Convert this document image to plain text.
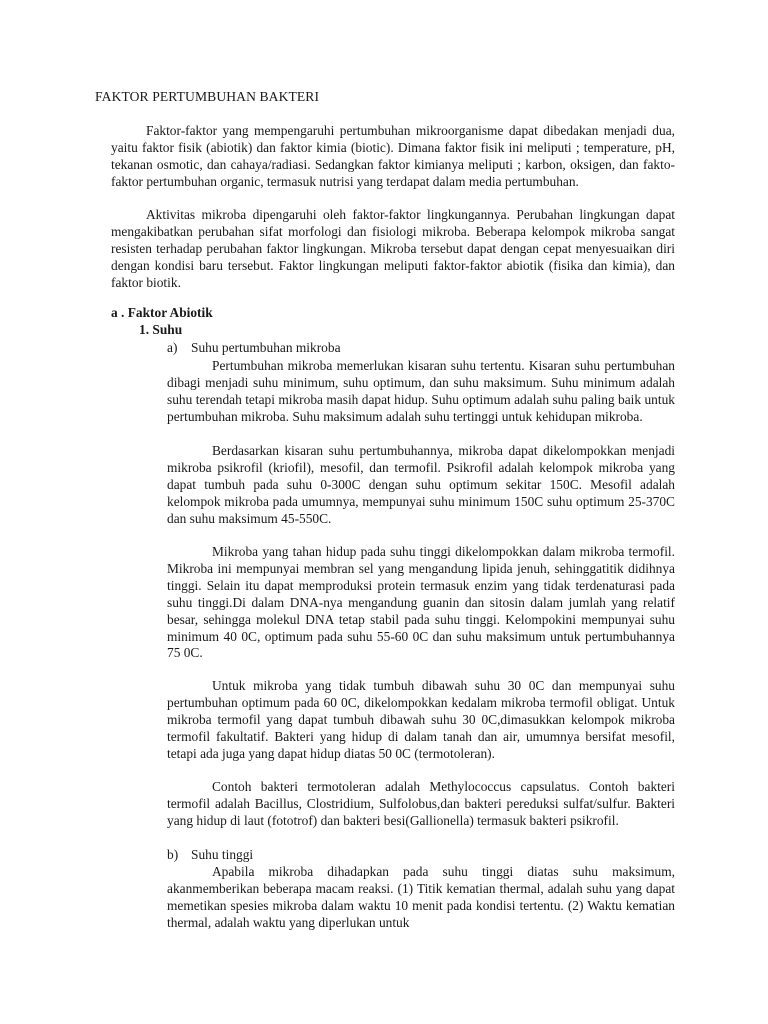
FAKTOR PERTUMBUHAN BAKTERI
Faktor-faktor yang mempengaruhi pertumbuhan mikroorganisme dapat dibedakan menjadi dua, yaitu faktor fisik (abiotik) dan faktor kimia (biotic). Dimana faktor fisik ini meliputi ; temperature, pH, tekanan osmotic, dan cahaya/radiasi. Sedangkan faktor kimianya meliputi ; karbon, oksigen, dan fakto-faktor pertumbuhan organic, termasuk nutrisi yang terdapat dalam media pertumbuhan.
Aktivitas mikroba dipengaruhi oleh faktor-faktor lingkungannya. Perubahan lingkungan dapat mengakibatkan perubahan sifat morfologi dan fisiologi mikroba. Beberapa kelompok mikroba sangat resisten terhadap perubahan faktor lingkungan. Mikroba tersebut dapat dengan cepat menyesuaikan diri dengan kondisi baru tersebut. Faktor lingkungan meliputi faktor-faktor abiotik (fisika dan kimia), dan faktor biotik.
a . Faktor Abiotik
1. Suhu
a) Suhu pertumbuhan mikroba
Pertumbuhan mikroba memerlukan kisaran suhu tertentu. Kisaran suhu pertumbuhan dibagi menjadi suhu minimum, suhu optimum, dan suhu maksimum. Suhu minimum adalah suhu terendah tetapi mikroba masih dapat hidup. Suhu optimum adalah suhu paling baik untuk pertumbuhan mikroba. Suhu maksimum adalah suhu tertinggi untuk kehidupan mikroba.
Berdasarkan kisaran suhu pertumbuhannya, mikroba dapat dikelompokkan menjadi mikroba psikrofil (kriofil), mesofil, dan termofil. Psikrofil adalah kelompok mikroba yang dapat tumbuh pada suhu 0-300C dengan suhu optimum sekitar 150C. Mesofil adalah kelompok mikroba pada umumnya, mempunyai suhu minimum 150C suhu optimum 25-370C dan suhu maksimum 45-550C.
Mikroba yang tahan hidup pada suhu tinggi dikelompokkan dalam mikroba termofil. Mikroba ini mempunyai membran sel yang mengandung lipida jenuh, sehinggatitik didihnya tinggi. Selain itu dapat memproduksi protein termasuk enzim yang tidak terdenaturasi pada suhu tinggi.Di dalam DNA-nya mengandung guanin dan sitosin dalam jumlah yang relatif besar, sehingga molekul DNA tetap stabil pada suhu tinggi. Kelompokini mempunyai suhu minimum 40 0C, optimum pada suhu 55-60 0C dan suhu maksimum untuk pertumbuhannya 75 0C.
Untuk mikroba yang tidak tumbuh dibawah suhu 30 0C dan mempunyai suhu pertumbuhan optimum pada 60 0C, dikelompokkan kedalam mikroba termofil obligat. Untuk mikroba termofil yang dapat tumbuh dibawah suhu 30 0C,dimasukkan kelompok mikroba termofil fakultatif. Bakteri yang hidup di dalam tanah dan air, umumnya bersifat mesofil, tetapi ada juga yang dapat hidup diatas 50 0C (termotoleran).
Contoh bakteri termotoleran adalah Methylococcus capsulatus. Contoh bakteri termofil adalah Bacillus, Clostridium, Sulfolobus,dan bakteri pereduksi sulfat/sulfur. Bakteri yang hidup di laut (fototrof) dan bakteri besi(Gallionella) termasuk bakteri psikrofil.
b) Suhu tinggi
Apabila mikroba dihadapkan pada suhu tinggi diatas suhu maksimum, akanmemberikan beberapa macam reaksi. (1) Titik kematian thermal, adalah suhu yang dapat memetikan spesies mikroba dalam waktu 10 menit pada kondisi tertentu. (2) Waktu kematian thermal, adalah waktu yang diperlukan untuk
